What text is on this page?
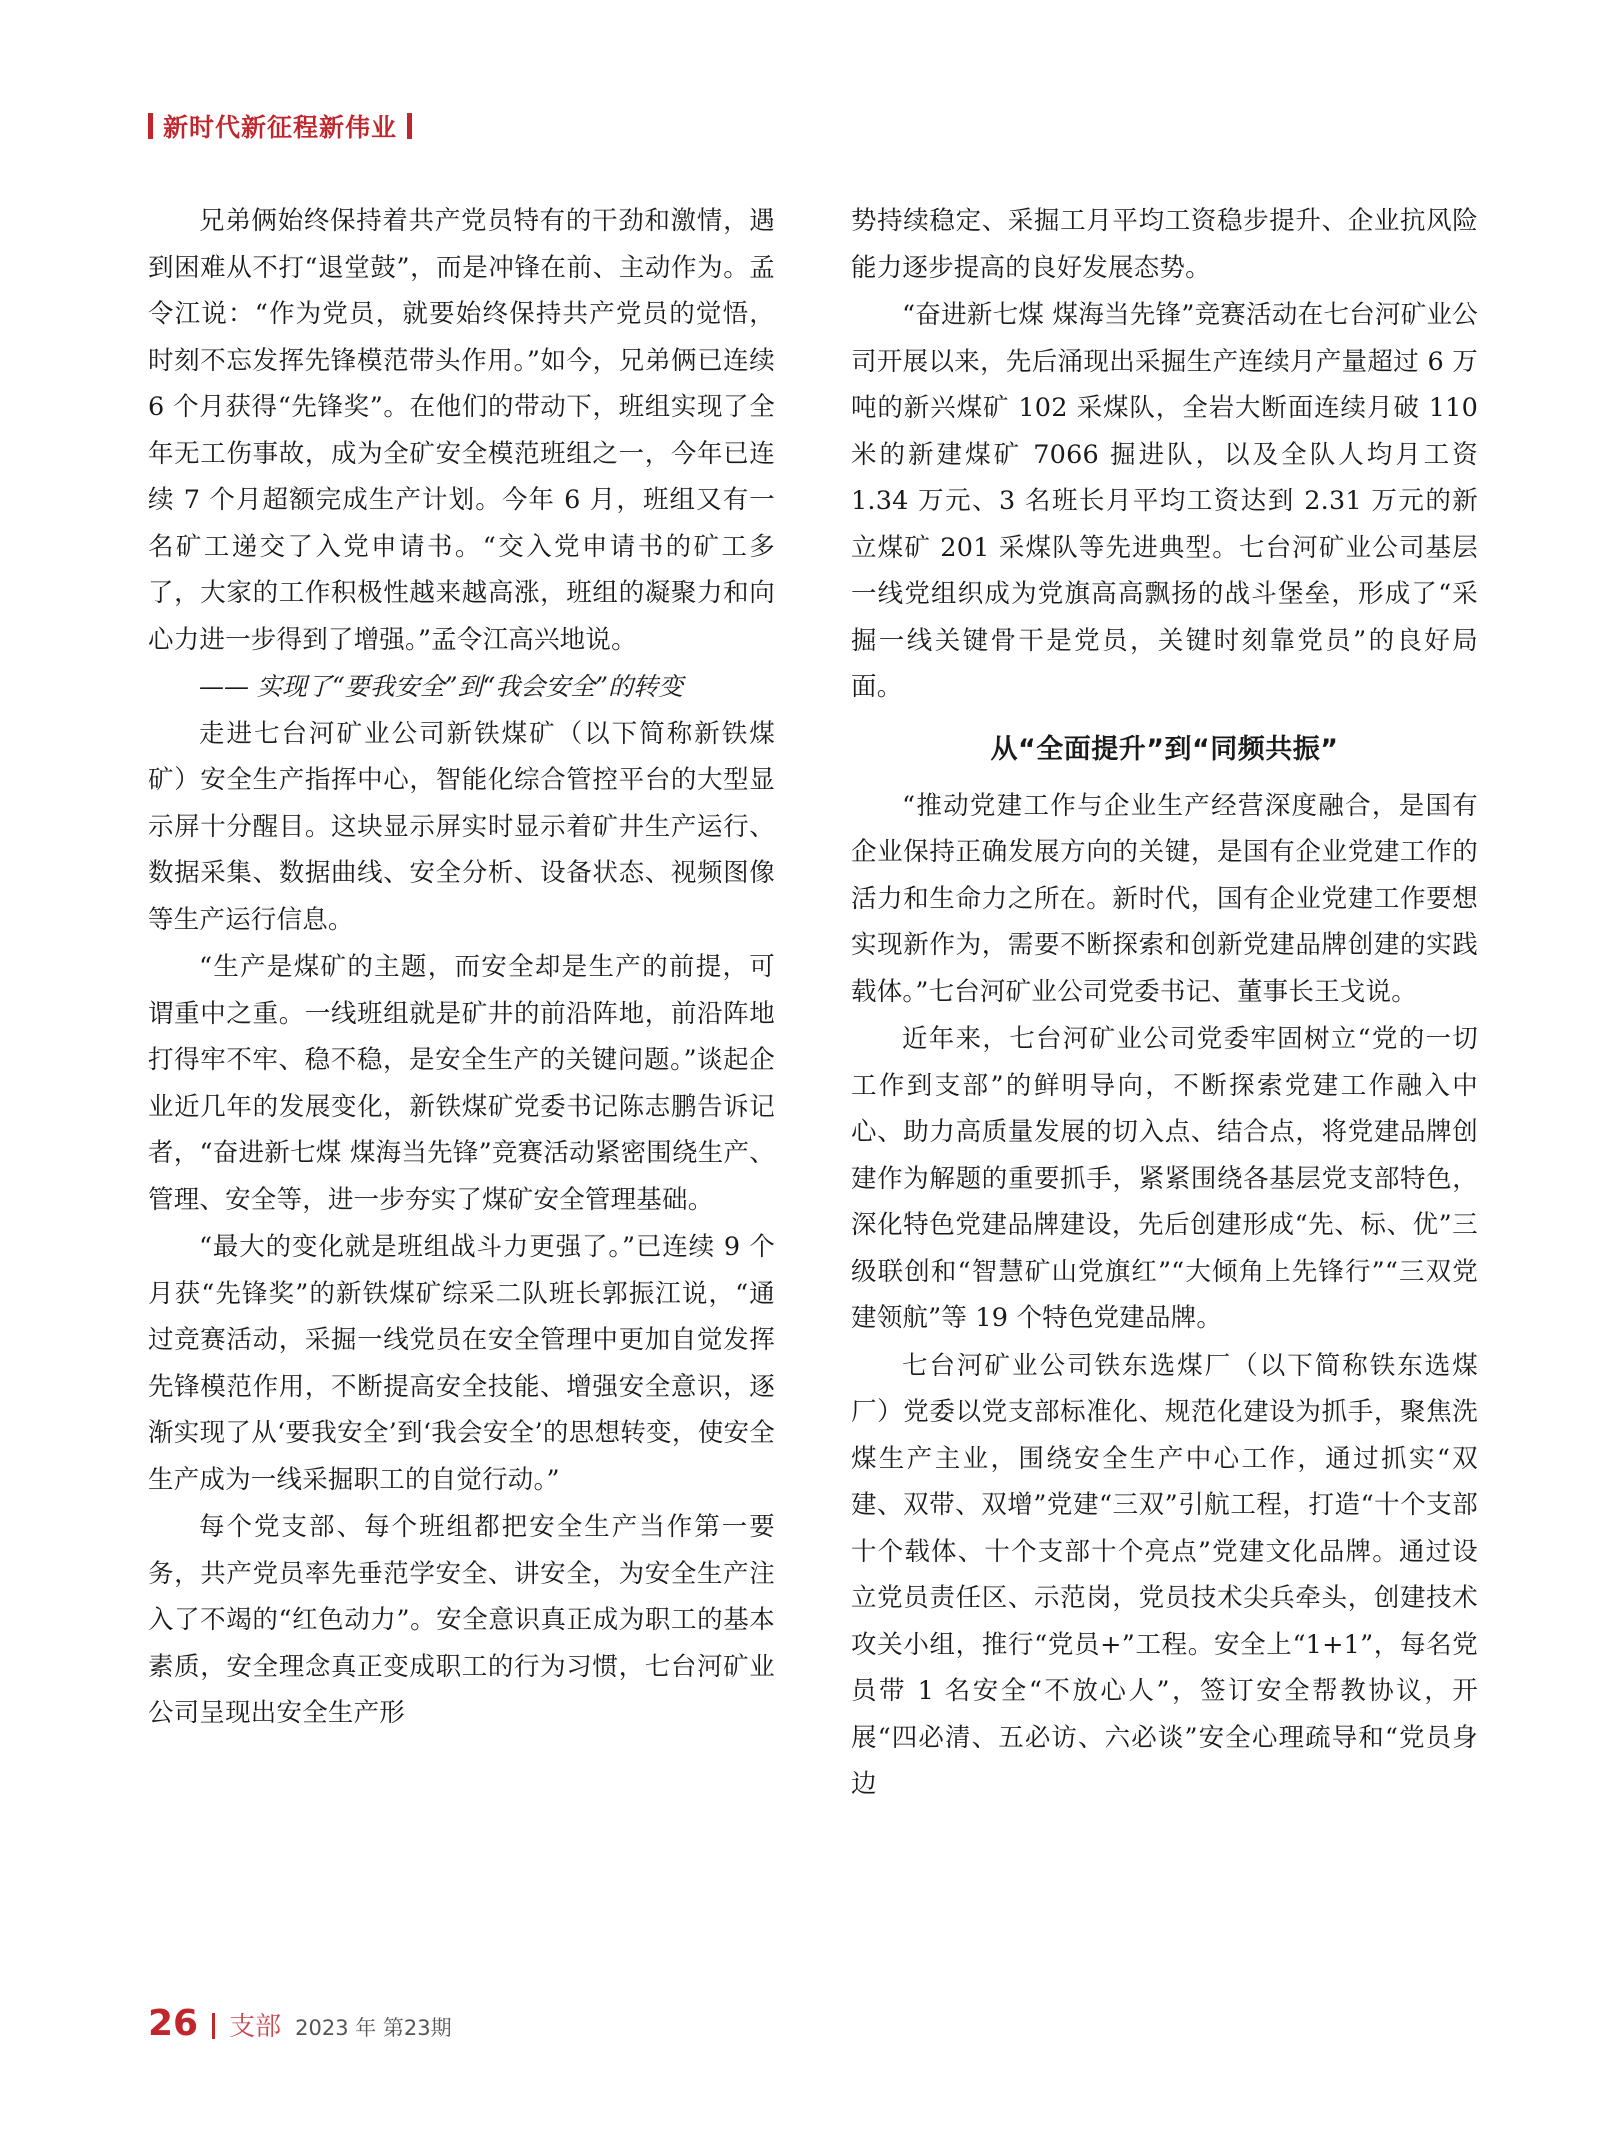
新时代新征程新伟业

兄弟俩始终保持着共产党员特有的干劲和激情，遇到困难从不打“退堂鼓”，而是冲锋在前、主动作为。孟令江说：“作为党员，就要始终保持共产党员的觉悟，时刻不忘发挥先锋模范带头作用。”如今，兄弟俩已连续 6 个月获得“先锋奖”。在他们的带动下，班组实现了全年无工伤事故，成为全矿安全模范班组之一，今年已连续 7 个月超额完成生产计划。今年 6 月，班组又有一名矿工递交了入党申请书。“交入党申请书的矿工多了，大家的工作积极性越来越高涨，班组的凝聚力和向心力进一步得到了增强。”孟令江高兴地说。

—— 实现了“要我安全”到“我会安全”的转变

走进七台河矿业公司新铁煤矿（以下简称新铁煤矿）安全生产指挥中心，智能化综合管控平台的大型显示屏十分醒目。这块显示屏实时显示着矿井生产运行、数据采集、数据曲线、安全分析、设备状态、视频图像等生产运行信息。

“生产是煤矿的主题，而安全却是生产的前提，可谓重中之重。一线班组就是矿井的前沿阵地，前沿阵地打得牢不牢、稳不稳，是安全生产的关键问题。”谈起企业近几年的发展变化，新铁煤矿党委书记陈志鹏告诉记者，“奋进新七煤 煤海当先锋”竞赛活动紧密围绕生产、管理、安全等，进一步夯实了煤矿安全管理基础。

“最大的变化就是班组战斗力更强了。”已连续 9 个月获“先锋奖”的新铁煤矿综采二队班长郭振江说，“通过竞赛活动，采掘一线党员在安全管理中更加自觉发挥先锋模范作用，不断提高安全技能、增强安全意识，逐渐实现了从‘要我安全’到‘我会安全’的思想转变，使安全生产成为一线采掘职工的自觉行动。”

每个党支部、每个班组都把安全生产当作第一要务，共产党员率先垂范学安全、讲安全，为安全生产注入了不竭的“红色动力”。安全意识真正成为职工的基本素质，安全理念真正变成职工的行为习惯，七台河矿业公司呈现出安全生产形

势持续稳定、采掘工月平均工资稳步提升、企业抗风险能力逐步提高的良好发展态势。

“奋进新七煤 煤海当先锋”竞赛活动在七台河矿业公司开展以来，先后涌现出采掘生产连续月产量超过 6 万吨的新兴煤矿 102 采煤队，全岩大断面连续月破 110 米的新建煤矿 7066 掘进队，以及全队人均月工资 1.34 万元、3 名班长月平均工资达到 2.31 万元的新立煤矿 201 采煤队等先进典型。七台河矿业公司基层一线党组织成为党旗高高飘扬的战斗堡垒，形成了“采掘一线关键骨干是党员，关键时刻靠党员”的良好局面。

从“全面提升”到“同频共振”

“推动党建工作与企业生产经营深度融合，是国有企业保持正确发展方向的关键，是国有企业党建工作的活力和生命力之所在。新时代，国有企业党建工作要想实现新作为，需要不断探索和创新党建品牌创建的实践载体。”七台河矿业公司党委书记、董事长王戈说。

近年来，七台河矿业公司党委牢固树立“党的一切工作到支部”的鲜明导向，不断探索党建工作融入中心、助力高质量发展的切入点、结合点，将党建品牌创建作为解题的重要抓手，紧紧围绕各基层党支部特色，深化特色党建品牌建设，先后创建形成“先、标、优”三级联创和“智慧矿山党旗红”“大倾角上先锋行”“三双党建领航”等 19 个特色党建品牌。

七台河矿业公司铁东选煤厂（以下简称铁东选煤厂）党委以党支部标准化、规范化建设为抓手，聚焦洗煤生产主业，围绕安全生产中心工作，通过抓实“双建、双带、双增”党建“三双”引航工程，打造“十个支部十个载体、十个支部十个亮点”党建文化品牌。通过设立党员责任区、示范岗，党员技术尖兵牵头，创建技术攻关小组，推行“党员+”工程。安全上“1+1”，每名党员带 1 名安全“不放心人”，签订安全帮教协议，开展“四必清、五必访、六必谈”安全心理疏导和“党员身边

26 支部 2023 年 第23期
